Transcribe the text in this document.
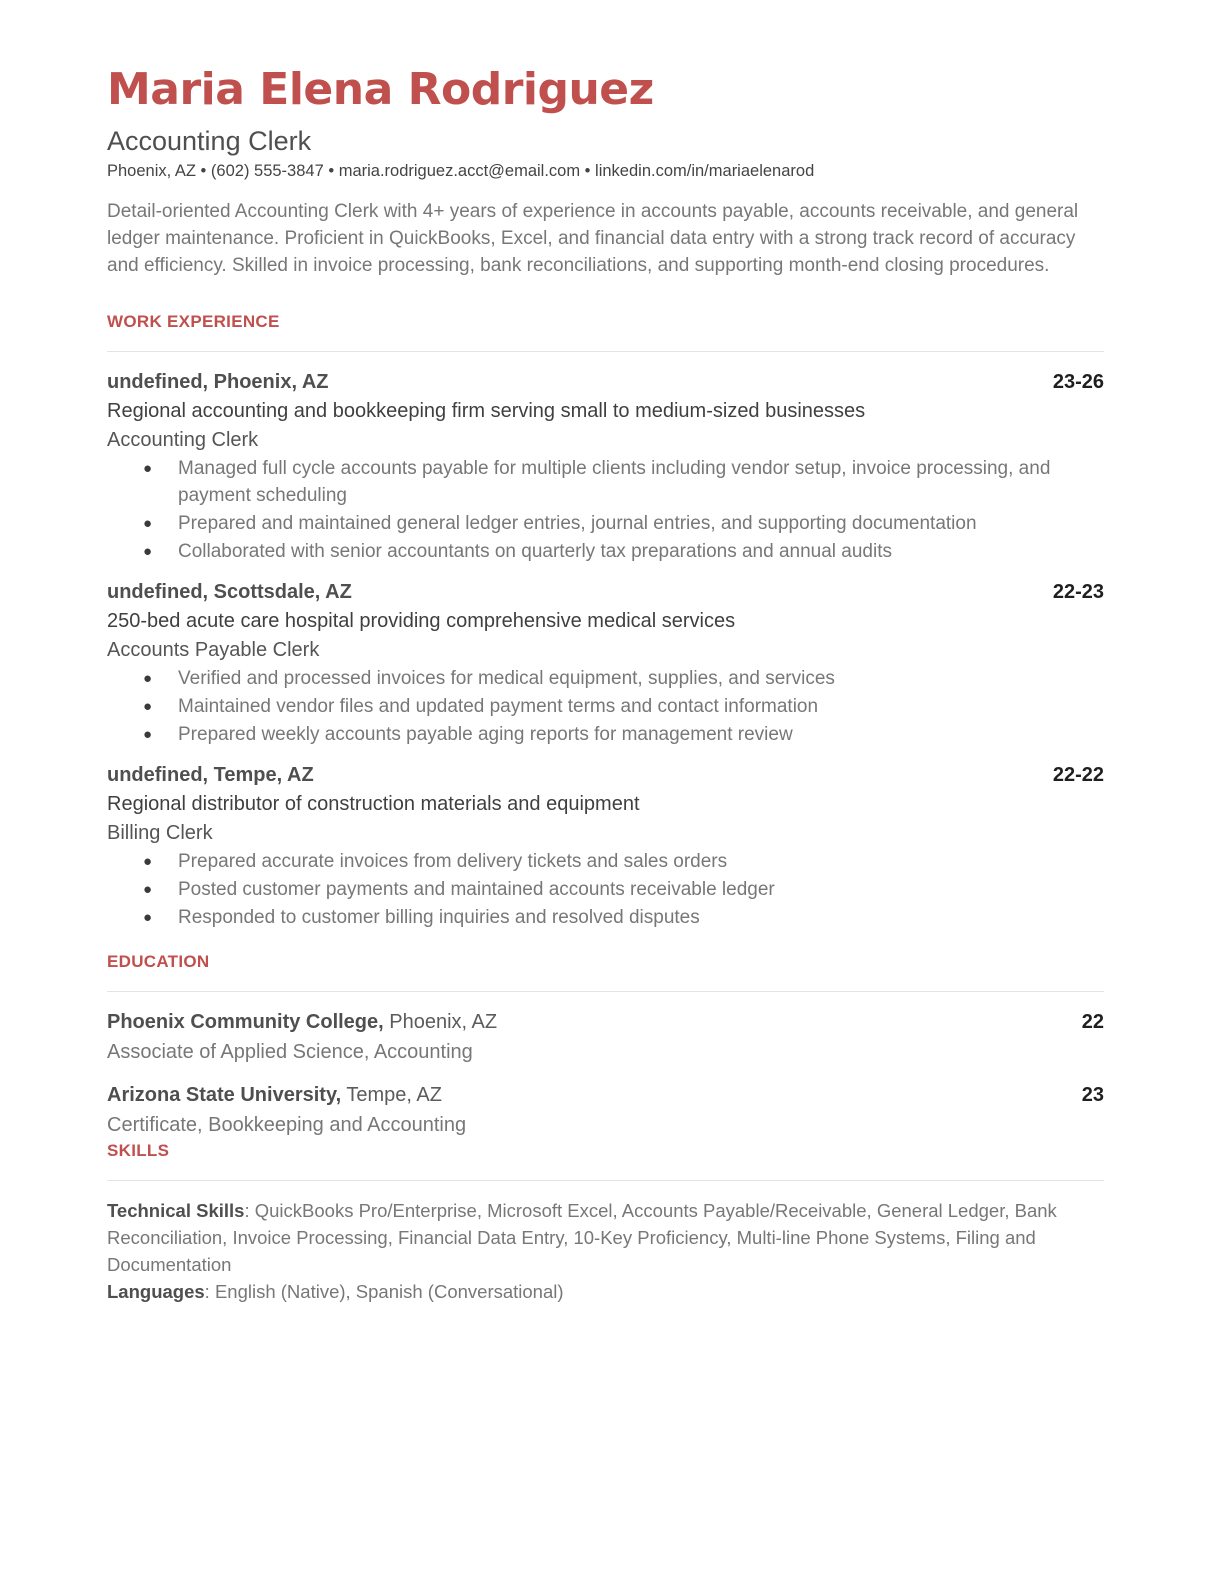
Maria Elena Rodriguez
Accounting Clerk
Phoenix, AZ • (602) 555-3847 • maria.rodriguez.acct@email.com • linkedin.com/in/mariaelenarod
Detail-oriented Accounting Clerk with 4+ years of experience in accounts payable, accounts receivable, and general ledger maintenance. Proficient in QuickBooks, Excel, and financial data entry with a strong track record of accuracy and efficiency. Skilled in invoice processing, bank reconciliations, and supporting month-end closing procedures.
WORK EXPERIENCE
undefined, Phoenix, AZ	23-26
Regional accounting and bookkeeping firm serving small to medium-sized businesses
Accounting Clerk
● Managed full cycle accounts payable for multiple clients including vendor setup, invoice processing, and payment scheduling
● Prepared and maintained general ledger entries, journal entries, and supporting documentation
● Collaborated with senior accountants on quarterly tax preparations and annual audits
undefined, Scottsdale, AZ	22-23
250-bed acute care hospital providing comprehensive medical services
Accounts Payable Clerk
● Verified and processed invoices for medical equipment, supplies, and services
● Maintained vendor files and updated payment terms and contact information
● Prepared weekly accounts payable aging reports for management review
undefined, Tempe, AZ	22-22
Regional distributor of construction materials and equipment
Billing Clerk
● Prepared accurate invoices from delivery tickets and sales orders
● Posted customer payments and maintained accounts receivable ledger
● Responded to customer billing inquiries and resolved disputes
EDUCATION
Phoenix Community College, Phoenix, AZ	22
Associate of Applied Science, Accounting
Arizona State University, Tempe, AZ	23
Certificate, Bookkeeping and Accounting
SKILLS
Technical Skills: QuickBooks Pro/Enterprise, Microsoft Excel, Accounts Payable/Receivable, General Ledger, Bank Reconciliation, Invoice Processing, Financial Data Entry, 10-Key Proficiency, Multi-line Phone Systems, Filing and Documentation
Languages: English (Native), Spanish (Conversational)
